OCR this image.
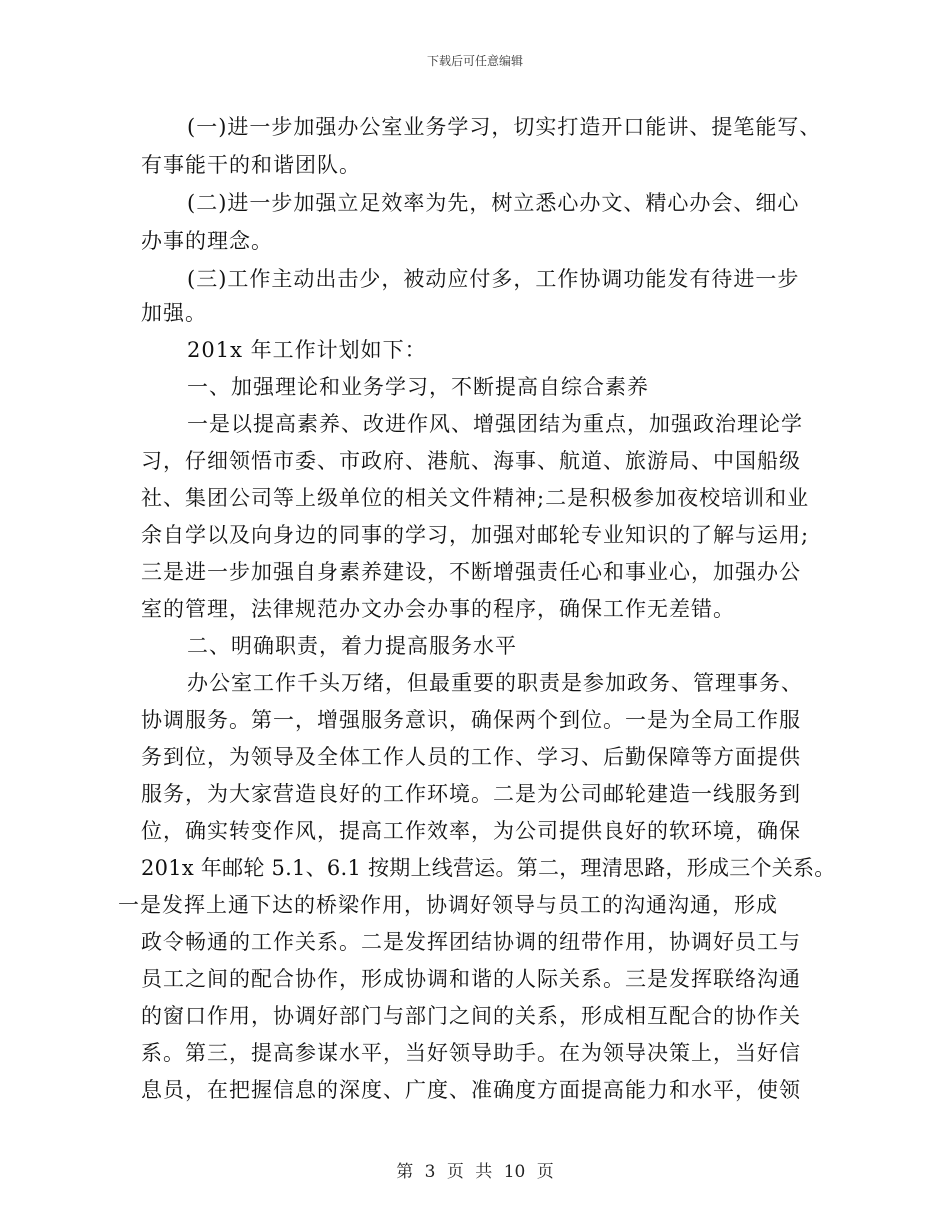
下载后可任意编辑
(一)进一步加强办公室业务学习，切实打造开口能讲、提笔能写、
有事能干的和谐团队。
(二)进一步加强立足效率为先，树立悉心办文、精心办会、细心
办事的理念。
(三)工作主动出击少，被动应付多，工作协调功能发有待进一步
加强。
201x 年工作计划如下：
一、加强理论和业务学习，不断提高自综合素养
一是以提高素养、改进作风、增强团结为重点，加强政治理论学
习，仔细领悟市委、市政府、港航、海事、航道、旅游局、中国船级
社、集团公司等上级单位的相关文件精神;二是积极参加夜校培训和业
余自学以及向身边的同事的学习，加强对邮轮专业知识的了解与运用;
三是进一步加强自身素养建设，不断增强责任心和事业心，加强办公
室的管理，法律规范办文办会办事的程序，确保工作无差错。
二、明确职责，着力提高服务水平
办公室工作千头万绪，但最重要的职责是参加政务、管理事务、
协调服务。第一，增强服务意识，确保两个到位。一是为全局工作服
务到位，为领导及全体工作人员的工作、学习、后勤保障等方面提供
服务，为大家营造良好的工作环境。二是为公司邮轮建造一线服务到
位，确实转变作风，提高工作效率，为公司提供良好的软环境，确保
201x 年邮轮 5.1、6.1 按期上线营运。第二，理清思路，形成三个关系。
一是发挥上通下达的桥梁作用，协调好领导与员工的沟通沟通，形成
政令畅通的工作关系。二是发挥团结协调的纽带作用，协调好员工与
员工之间的配合协作，形成协调和谐的人际关系。三是发挥联络沟通
的窗口作用，协调好部门与部门之间的关系，形成相互配合的协作关
系。第三，提高参谋水平，当好领导助手。在为领导决策上，当好信
息员，在把握信息的深度、广度、准确度方面提高能力和水平，使领
第 3 页 共 10 页
